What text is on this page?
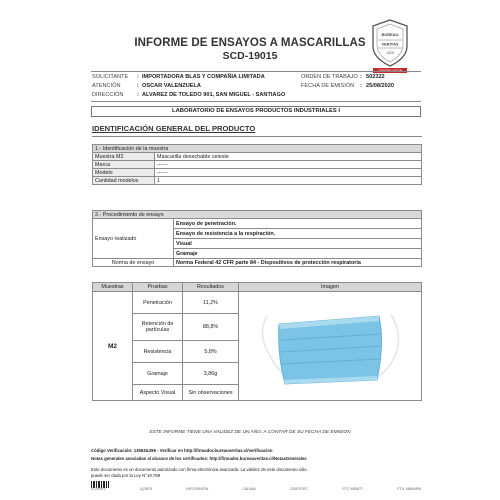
INFORME DE ENSAYOS A MASCARILLAS
SCD-19015
BUREAU
VERITAS
1828
SOLICITANTE : IMPORTADORA BLAS Y COMPAÑIA LIMITADA
ATENCIÓN	: OSCAR VALENZUELA
DIRECCIÓN : ALVAREZ DE TOLEDO 901, SAN MIGUEL - SANTIAGO
ORDEN DE TRABAJO : 502322
FECHA DE EMISIÓN : 25/08/2020
LABORATORIO DE ENSAYOS PRODUCTOS INDUSTRIALES I
IDENTIFICACIÓN GENERAL DEL PRODUCTO
1.- Identificación de la muestra	
Muestra M2	Mascarilla desechable celeste
Marca	------
Modelo	------
Cantidad modelos	1
2.- Procedimiento de ensayo	
Ensayo realizado	Ensayo de penetración.
	Ensayo de resistencia a la respiración.
	Visual
	Gramaje
Norma de ensayo	Norma Federal 42 CFR parte 84 - Dispositivos de protección respiratoria
Muestras	Pruebas	Resultados	Imagen
M2	Penetración	11,2%	

	Retención de partículas	88,8%	
	Resistencia	5,8%	
	Gramaje	3,86g	
	Aspecto Visual	Sin observaciones	
ESTE INFORME TIENE UNA VALIDEZ DE UN AÑO, A CONTAR DE SU FECHA DE EMISION
Código Verificación: 13593&286 - Verificar en http://firmador.bureauveritas.cl/verificacion
Notas generales asociadas al alcance de los certificados: http://firmador.bureauveritas.cl/NotasGenerales
Este documento es un documento autorizado con firma electrónica avanzada. La validez de este documento sólo
puede ser dada por la Ley N°19.799
ICO/REV	IQ/DES	INFOGRAFÍA	CALIMA	CIDESTEC	PTC-MDM77	FTIL 4NB/ARB
